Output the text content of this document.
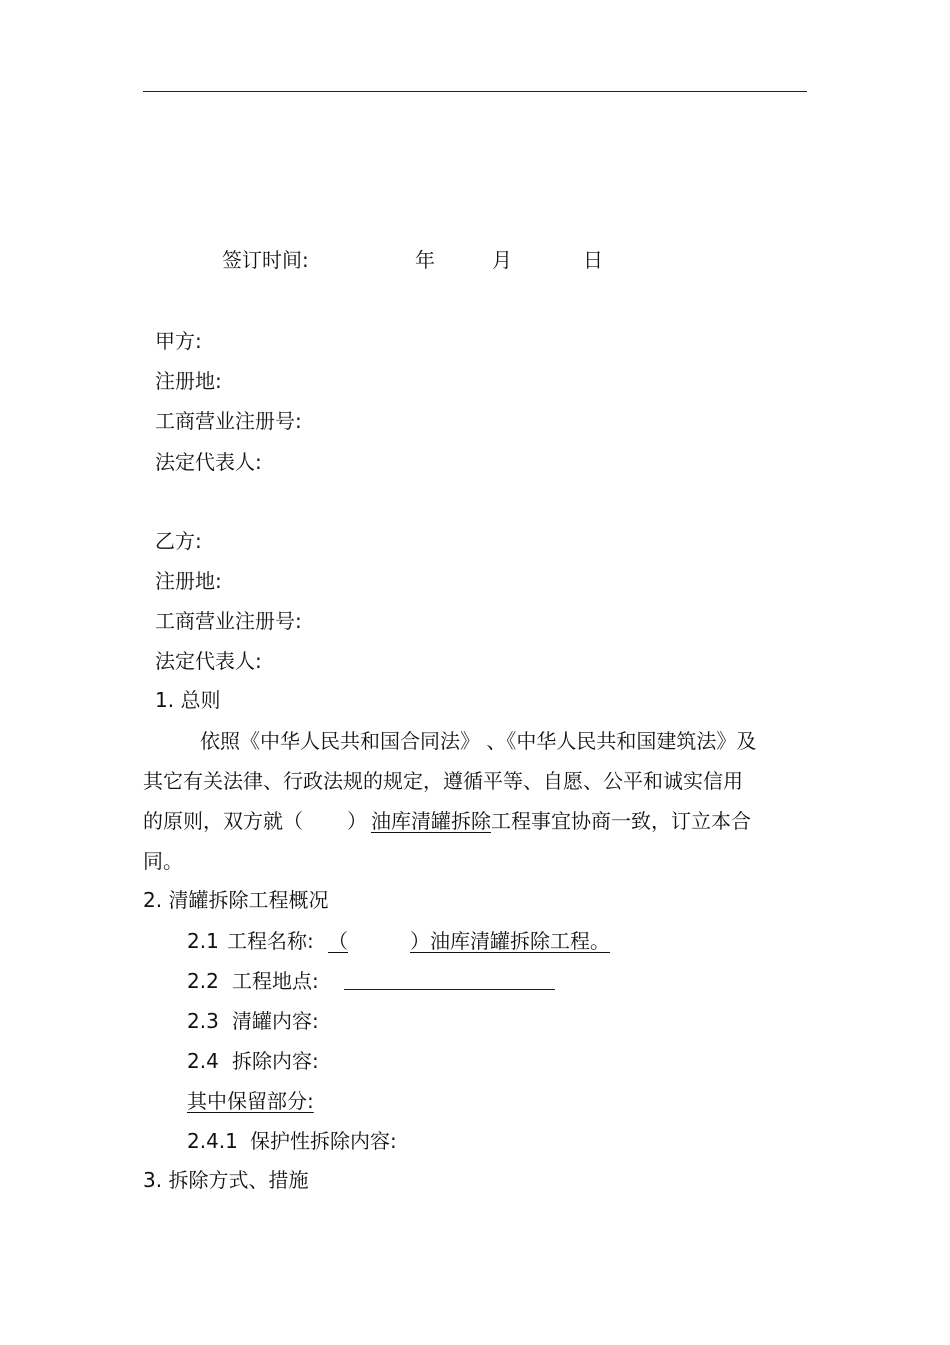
签订时间:	年	月	日
甲方:
注册地:
工商营业注册号:
法定代表人:
乙方:
注册地:
工商营业注册号:
法定代表人:
1. 总则
依照《中华人民共和国合同法》 、《中华人民共和国建筑法》及
其它有关法律、行政法规的规定，遵循平等、自愿、公平和诚实信用
的原则，双方就（ ） 油库清罐拆除工程事宜协商一致，订立本合
同。
2. 清罐拆除工程概况
2.1 工程名称: （	）油库清罐拆除工程。
2.2 工程地点:
2.3 清罐内容:
2.4 拆除内容:
其中保留部分:
2.4.1 保护性拆除内容:
3. 拆除方式、措施
